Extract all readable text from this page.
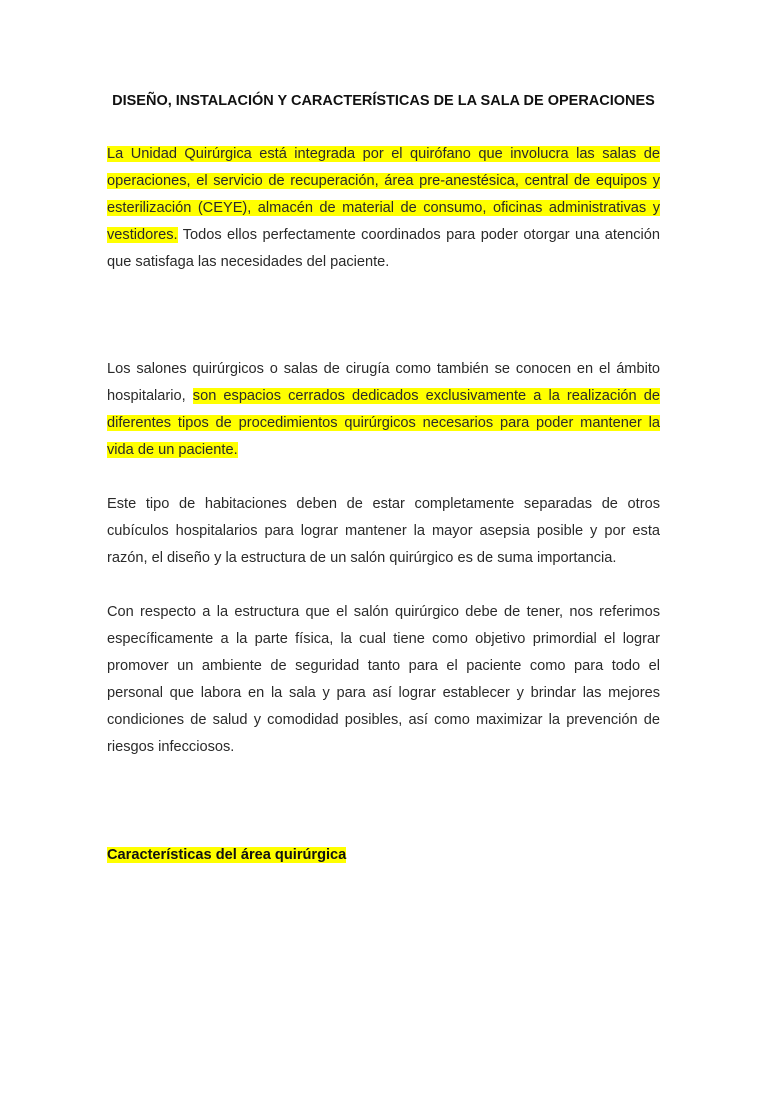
DISEÑO, INSTALACIÓN Y CARACTERÍSTICAS DE LA SALA DE OPERACIONES

La Unidad Quirúrgica está integrada por el quirófano que involucra las salas de operaciones, el servicio de recuperación, área pre-anestésica, central de equipos y esterilización (CEYE), almacén de material de consumo, oficinas administrativas y vestidores. Todos ellos perfectamente coordinados para poder otorgar una atención que satisfaga las necesidades del paciente.

Los salones quirúrgicos o salas de cirugía como también se conocen en el ámbito hospitalario, son espacios cerrados dedicados exclusivamente a la realización de diferentes tipos de procedimientos quirúrgicos necesarios para poder mantener la vida de un paciente.

Este tipo de habitaciones deben de estar completamente separadas de otros cubículos hospitalarios para lograr mantener la mayor asepsia posible y por esta razón, el diseño y la estructura de un salón quirúrgico es de suma importancia.

Con respecto a la estructura que el salón quirúrgico debe de tener, nos referimos específicamente a la parte física, la cual tiene como objetivo primordial el lograr promover un ambiente de seguridad tanto para el paciente como para todo el personal que labora en la sala y para así lograr establecer y brindar las mejores condiciones de salud y comodidad posibles, así como maximizar la prevención de riesgos infecciosos.

Características del área quirúrgica
